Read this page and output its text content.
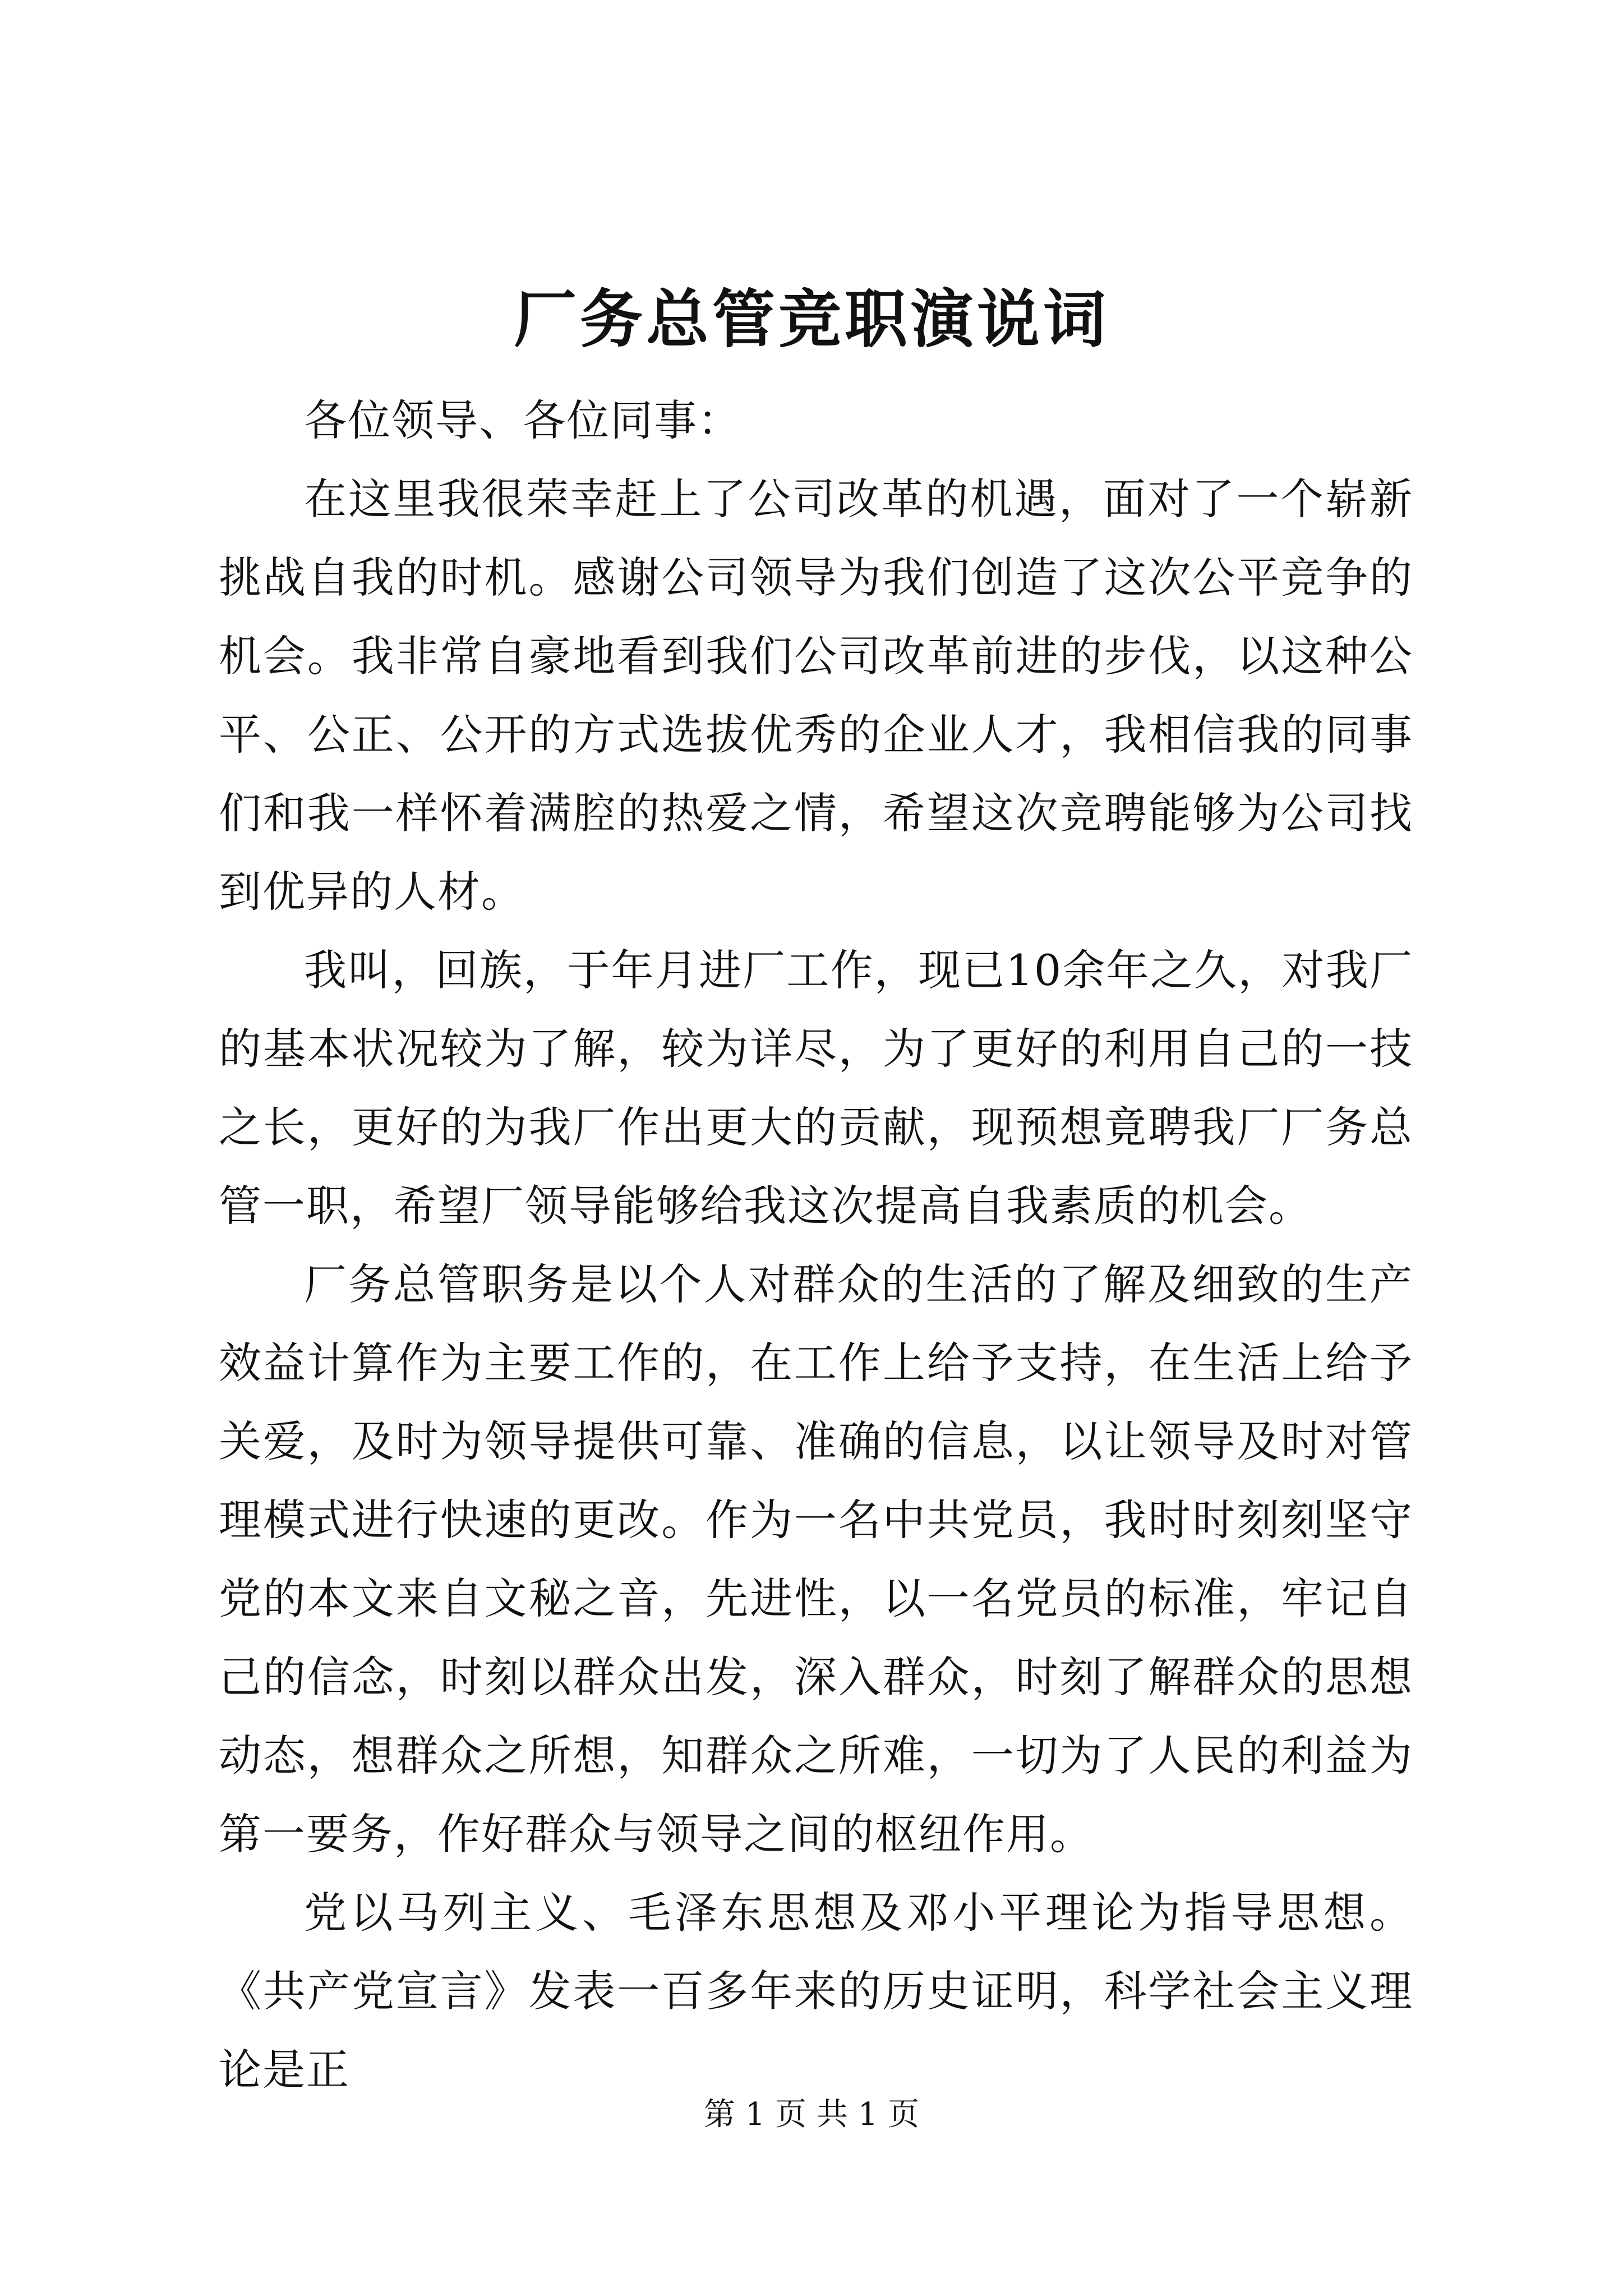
厂务总管竞职演说词

各位领导、各位同事：

在这里我很荣幸赶上了公司改革的机遇，面对了一个崭新挑战自我的时机。感谢公司领导为我们创造了这次公平竞争的机会。我非常自豪地看到我们公司改革前进的步伐，以这种公平、公正、公开的方式选拔优秀的企业人才，我相信我的同事们和我一样怀着满腔的热爱之情，希望这次竞聘能够为公司找到优异的人材。

我叫，回族，于年月进厂工作，现已10余年之久，对我厂的基本状况较为了解，较为详尽，为了更好的利用自己的一技之长，更好的为我厂作出更大的贡献，现预想竟聘我厂厂务总管一职，希望厂领导能够给我这次提高自我素质的机会。

厂务总管职务是以个人对群众的生活的了解及细致的生产效益计算作为主要工作的，在工作上给予支持，在生活上给予关爱，及时为领导提供可靠、准确的信息，以让领导及时对管理模式进行快速的更改。作为一名中共党员，我时时刻刻坚守党的本文来自文秘之音，先进性，以一名党员的标准，牢记自己的信念，时刻以群众出发，深入群众，时刻了解群众的思想动态，想群众之所想，知群众之所难，一切为了人民的利益为第一要务，作好群众与领导之间的枢纽作用。

党以马列主义、毛泽东思想及邓小平理论为指导思想。《共产党宣言》发表一百多年来的历史证明，科学社会主义理论是正

第 1 页 共 1 页
